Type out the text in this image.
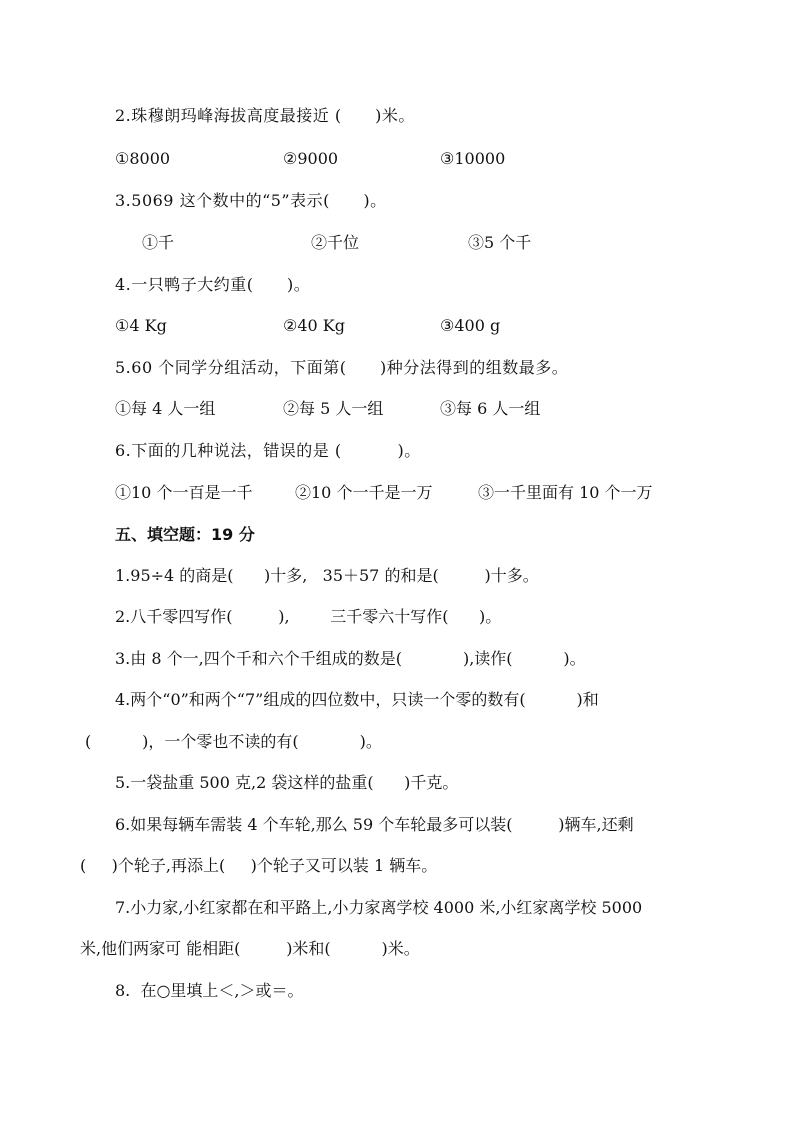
2.珠穆朗玛峰海拔高度最接近 (      )米。
①8000	②9000	③10000
3.5069 这个数中的“5”表示(      )。
①千	②千位	③5 个千
4.一只鸭子大约重(      )。
①4 Kg	②40 Kg	③400 g
5.60 个同学分组活动，下面第(      )种分法得到的组数最多。
①每 4 人一组	②每 5 人一组	③每 6 人一组
6.下面的几种说法，错误的是 (          )。
①10 个一百是一千	②10 个一千是一万	③一千里面有 10 个一万
五、填空题：19 分
1.95÷4 的商是(      )十多,   35＋57 的和是(         )十多。
2.八千零四写作(         ),        三千零六十写作(      )。
3.由 8 个一,四个千和六个千组成的数是(            ),读作(          )。
4.两个“0”和两个“7”组成的四位数中，只读一个零的数有(          )和
(          )，一个零也不读的有(            )。
5.一袋盐重 500 克,2 袋这样的盐重(      )千克。
6.如果每辆车需装 4 个车轮,那么 59 个车轮最多可以装(         )辆车,还剩
(     )个轮子,再添上(     )个轮子又可以装 1 辆车。
7.小力家,小红家都在和平路上,小力家离学校 4000 米,小红家离学校 5000
米,他们两家可 能相距(         )米和(          )米。
8.  在○里填上＜,＞或＝。
